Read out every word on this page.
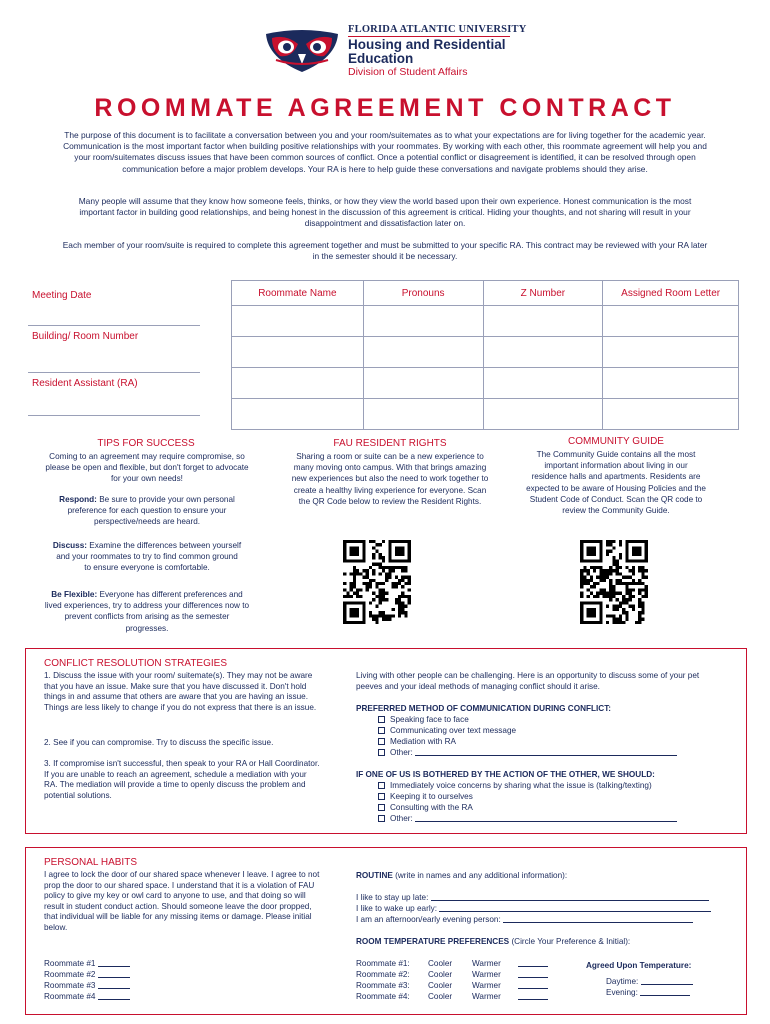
FLORIDA ATLANTIC UNIVERSITY
Housing and Residential Education
Division of Student Affairs
ROOMMATE AGREEMENT CONTRACT
The purpose of this document is to facilitate a conversation between you and your room/suitemates as to what your expectations are for living together for the academic year. Communication is the most important factor when building positive relationships with your roommates. By working with each other, this roommate agreement will help you and your room/suitemates discuss issues that have been common sources of conflict. Once a potential conflict or disagreement is identified, it can be resolved through open communication before a major problem develops. Your RA is here to help guide these conversations and navigate problems should they arise.
Many people will assume that they know how someone feels, thinks, or how they view the world based upon their own experience. Honest communication is the most important factor in building good relationships, and being honest in the discussion of this agreement is critical. Hiding your thoughts, and not sharing will result in your disappointment and dissatisfaction later on.
Each member of your room/suite is required to complete this agreement together and must be submitted to your specific RA. This contract may be reviewed with your RA later in the semester should it be necessary.
Meeting Date
Building/ Room Number
Resident Assistant (RA)
Roommate Name	Pronouns	Z Number	Assigned Room Letter

TIPS FOR SUCCESS
Coming to an agreement may require compromise, so please be open and flexible, but don't forget to advocate for your own needs!
Respond: Be sure to provide your own personal preference for each question to ensure your perspective/needs are heard.
Discuss: Examine the differences between yourself and your roommates to try to find common ground to ensure everyone is comfortable.
Be Flexible: Everyone has different preferences and lived experiences, try to address your differences now to prevent conflicts from arising as the semester progresses.
FAU RESIDENT RIGHTS
Sharing a room or suite can be a new experience to many moving onto campus. With that brings amazing new experiences but also the need to work together to create a healthy living experience for everyone. Scan the QR Code below to review the Resident Rights.
COMMUNITY GUIDE
The Community Guide contains all the most important information about living in our residence halls and apartments. Residents are expected to be aware of Housing Policies and the Student Code of Conduct. Scan the QR code to review the Community Guide.
CONFLICT RESOLUTION STRATEGIES
1. Discuss the issue with your room/ suitemate(s). They may not be aware that you have an issue. Make sure that you have discussed it. Don't hold things in and assume that others are aware that you are having an issue. Things are less likely to change if you do not express that there is an issue.
2. See if you can compromise. Try to discuss the specific issue.
3. If compromise isn't successful, then speak to your RA or Hall Coordinator. If you are unable to reach an agreement, schedule a mediation with your RA. The mediation will provide a time to openly discuss the problem and potential solutions.
Living with other people can be challenging. Here is an opportunity to discuss some of your pet peeves and your ideal methods of managing conflict should it arise.
PREFERRED METHOD OF COMMUNICATION DURING CONFLICT:
Speaking face to face
Communicating over text message
Mediation with RA
Other:
IF ONE OF US IS BOTHERED BY THE ACTION OF THE OTHER, WE SHOULD:
Immediately voice concerns by sharing what the issue is (talking/texting)
Keeping it to ourselves
Consulting with the RA
Other:
PERSONAL HABITS
I agree to lock the door of our shared space whenever I leave. I agree to not prop the door to our shared space. I understand that it is a violation of FAU policy to give my key or owl card to anyone to use, and that doing so will result in student conduct action. Should someone leave the door propped, that individual will be liable for any missing items or damage. Please initial below.
Roommate #1
Roommate #2
Roommate #3
Roommate #4
ROUTINE (write in names and any additional information):
I like to stay up late:
I like to wake up early:
I am an afternoon/early evening person:
ROOM TEMPERATURE PREFERENCES (Circle Your Preference & Initial):
Roommate #1: Cooler Warmer
Roommate #2: Cooler Warmer
Roommate #3: Cooler Warmer
Roommate #4: Cooler Warmer
Agreed Upon Temperature:
Daytime:
Evening:
